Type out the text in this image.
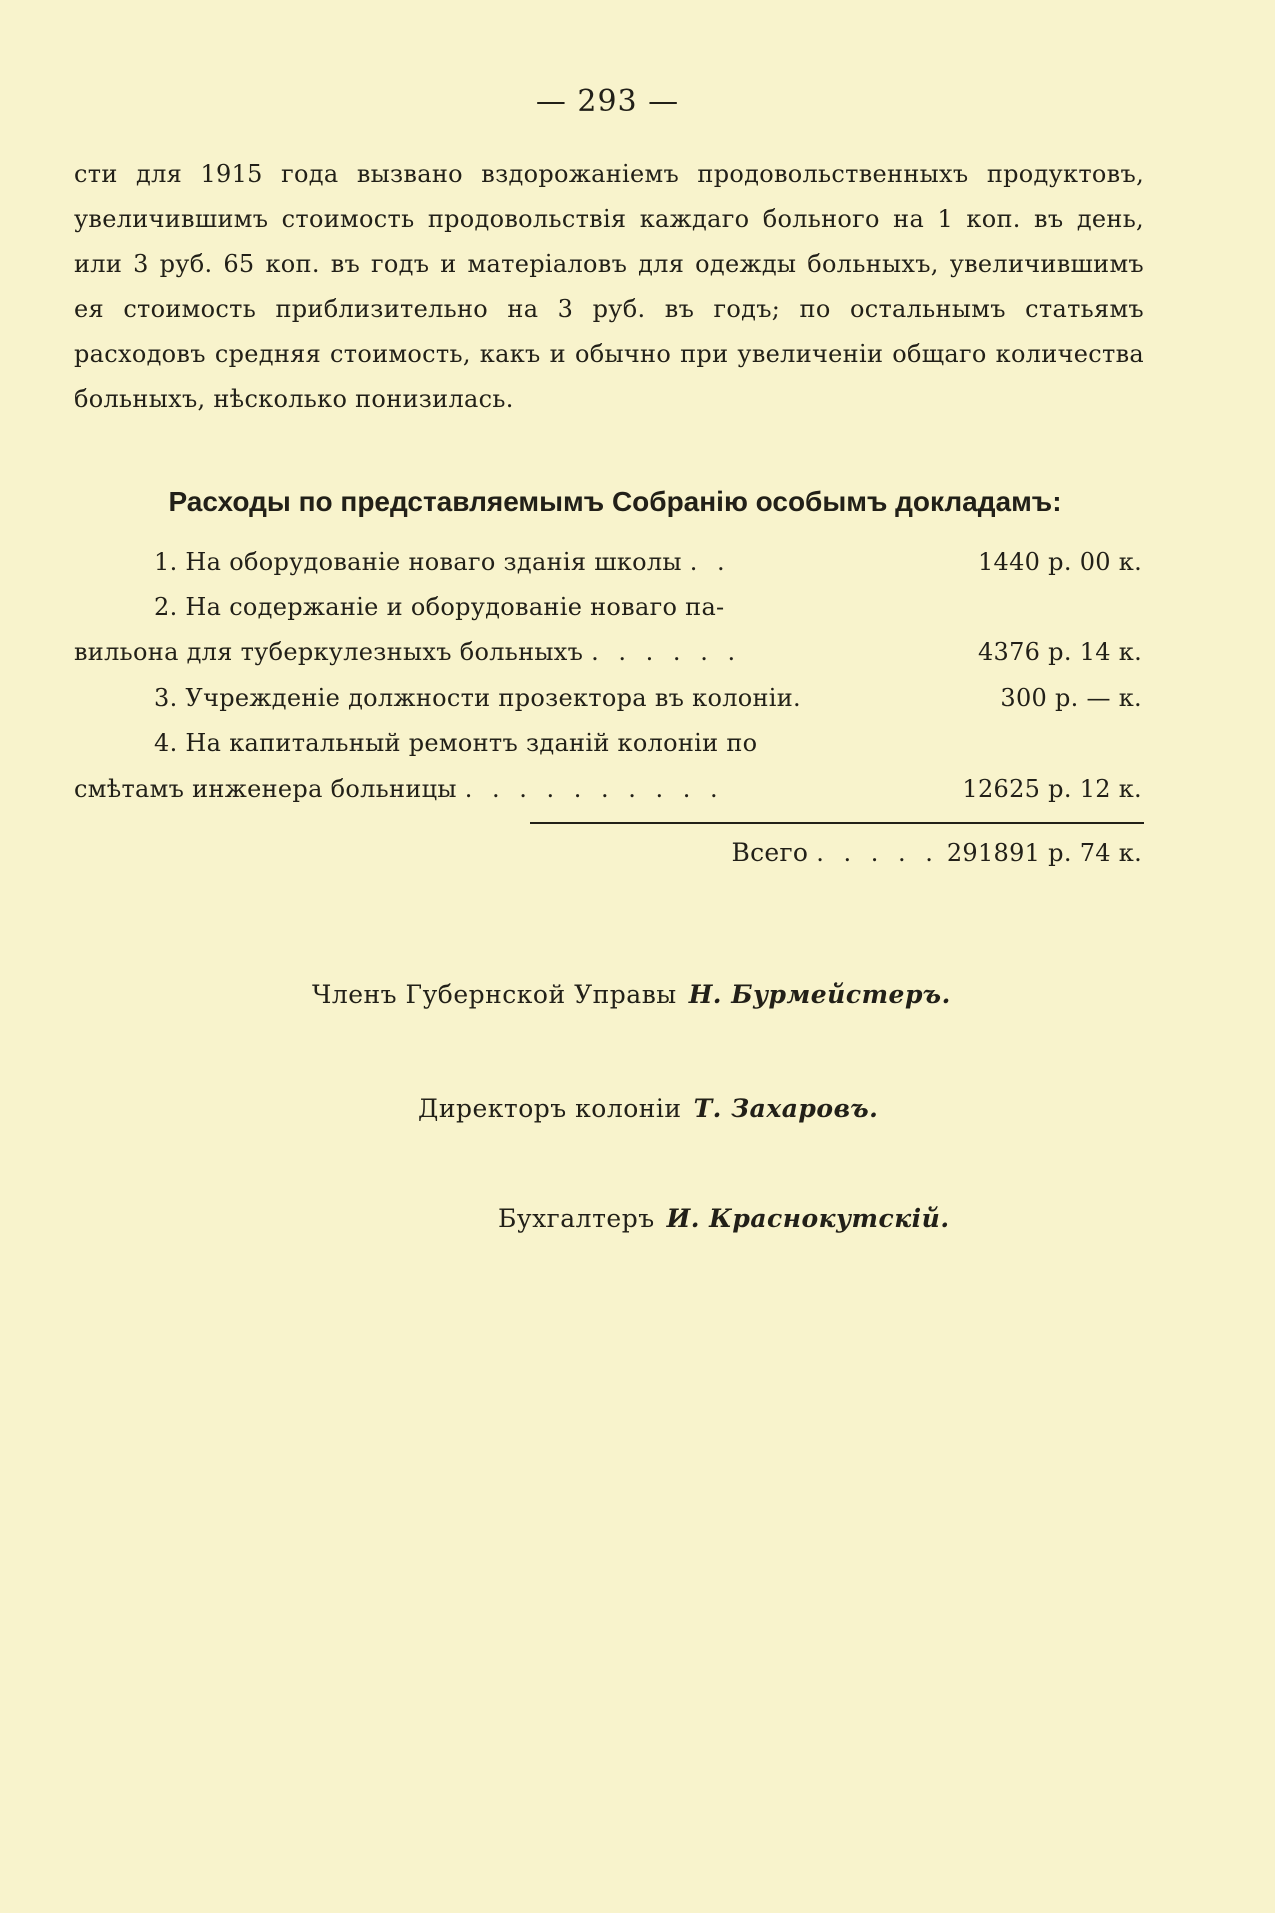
— 293 —
сти для 1915 года вызвано вздорожаніемъ продовольственныхъ продуктовъ, увеличившимъ стоимость продовольствія каждаго больного на 1 коп. въ день, или 3 руб. 65 коп. въ годъ и матеріаловъ для одежды больныхъ, увеличившимъ ея стоимость приблизительно на 3 руб. въ годъ; по остальнымъ статьямъ расходовъ средняя стоимость, какъ и обычно при увеличеніи общаго количества больныхъ, нѣсколько понизилась.
Расходы по представляемымъ Собранію особымъ докладамъ:
1. На оборудованіе новаго зданія школы . .	1440 р. 00 к.
2. На содержаніе и оборудованіе новаго па-
вильона для туберкулезныхъ больныхъ . . . . . .	4376 р. 14 к.
3. Учрежденіе должности прозектора въ колоніи.	300 р. — к.
4. На капитальный ремонтъ зданій колоніи по
смѣтамъ инженера больницы . . . . . . . . . .	12625 р. 12 к.
Всего . . . . . 291891 р. 74 к.
Членъ Губернской Управы Н. Бурмейстеръ.
Директоръ колоніи Т. Захаровъ.
Бухгалтеръ И. Краснокутскій.
